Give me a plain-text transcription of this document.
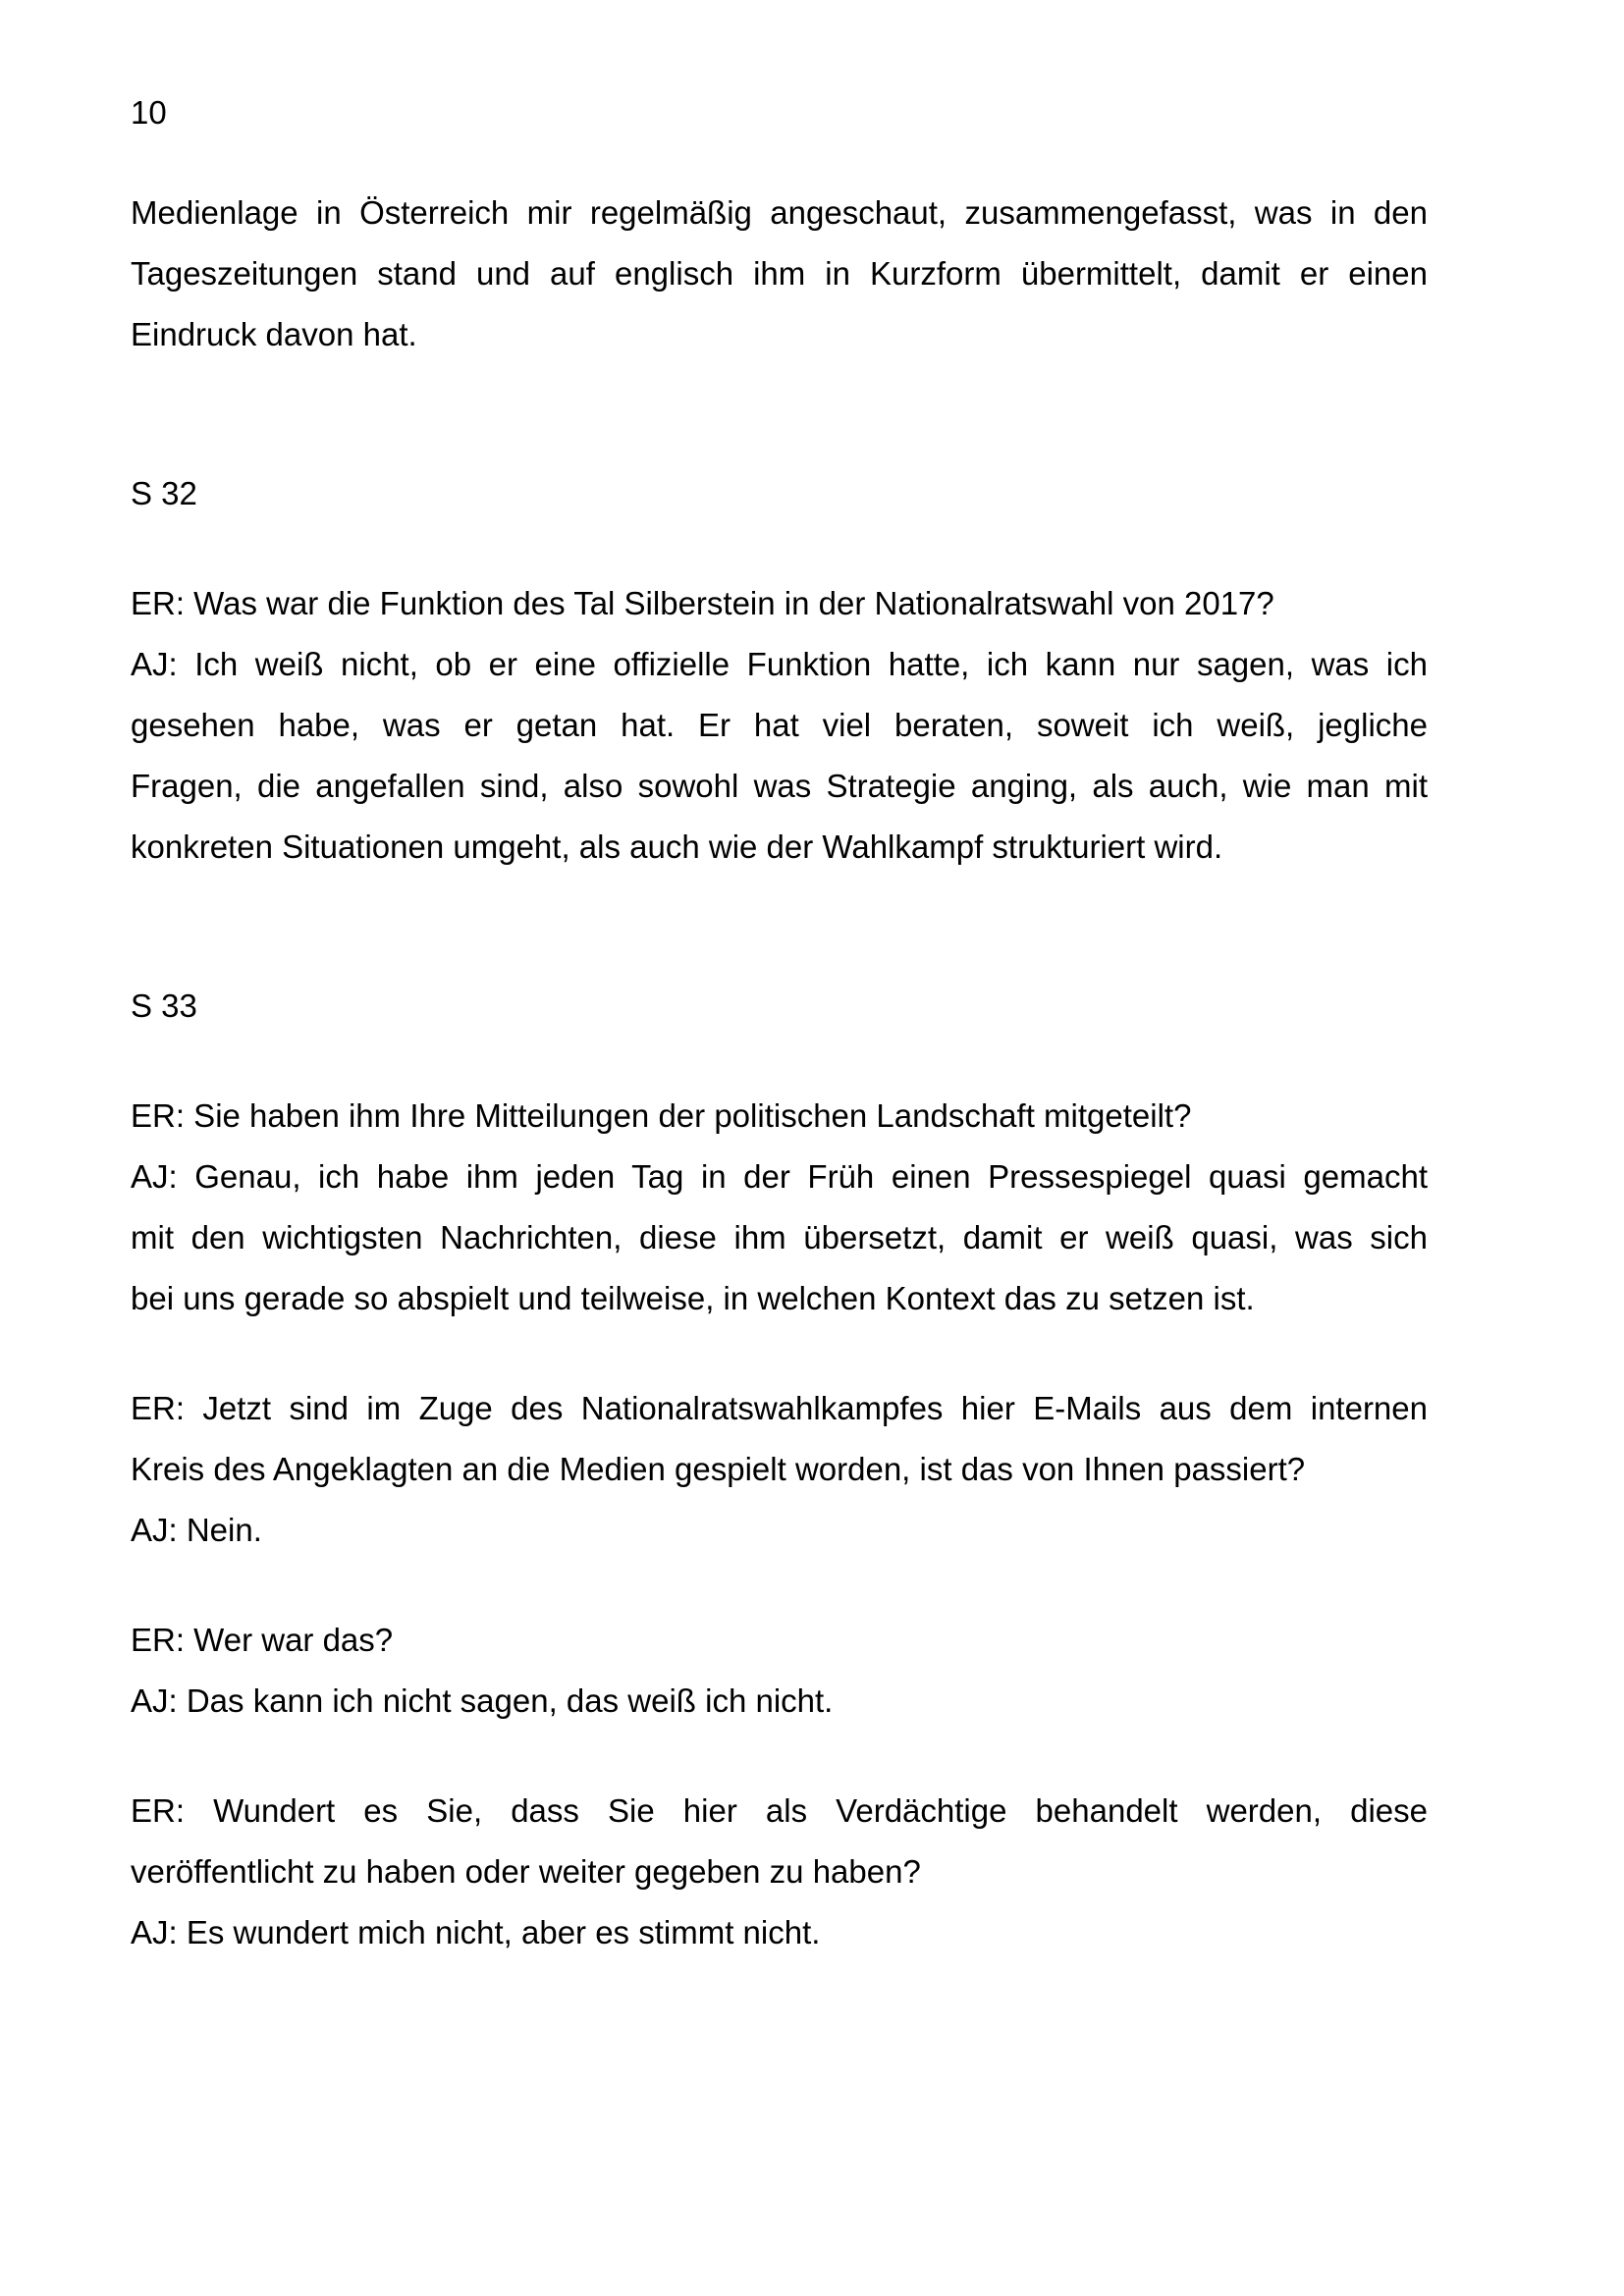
10
Medienlage in Österreich mir regelmäßig angeschaut, zusammengefasst, was in den
Tageszeitungen stand und auf englisch ihm in Kurzform übermittelt, damit er einen
Eindruck davon hat.
S 32
ER: Was war die Funktion des Tal Silberstein in der Nationalratswahl von 2017?
AJ: Ich weiß nicht, ob er eine offizielle Funktion hatte, ich kann nur sagen, was ich
gesehen habe, was er getan hat. Er hat viel beraten, soweit ich weiß, jegliche
Fragen, die angefallen sind, also sowohl was Strategie anging, als auch, wie man mit
konkreten Situationen umgeht, als auch wie der Wahlkampf strukturiert wird.
S 33
ER: Sie haben ihm Ihre Mitteilungen der politischen Landschaft mitgeteilt?
AJ: Genau, ich habe ihm jeden Tag in der Früh einen Pressespiegel quasi gemacht
mit den wichtigsten Nachrichten, diese ihm übersetzt, damit er weiß quasi, was sich
bei uns gerade so abspielt und teilweise, in welchen Kontext das zu setzen ist.
ER: Jetzt sind im Zuge des Nationalratswahlkampfes hier E-Mails aus dem internen
Kreis des Angeklagten an die Medien gespielt worden, ist das von Ihnen passiert?
AJ: Nein.
ER: Wer war das?
AJ: Das kann ich nicht sagen, das weiß ich nicht.
ER: Wundert es Sie, dass Sie hier als Verdächtige behandelt werden, diese
veröffentlicht zu haben oder weiter gegeben zu haben?
AJ: Es wundert mich nicht, aber es stimmt nicht.
